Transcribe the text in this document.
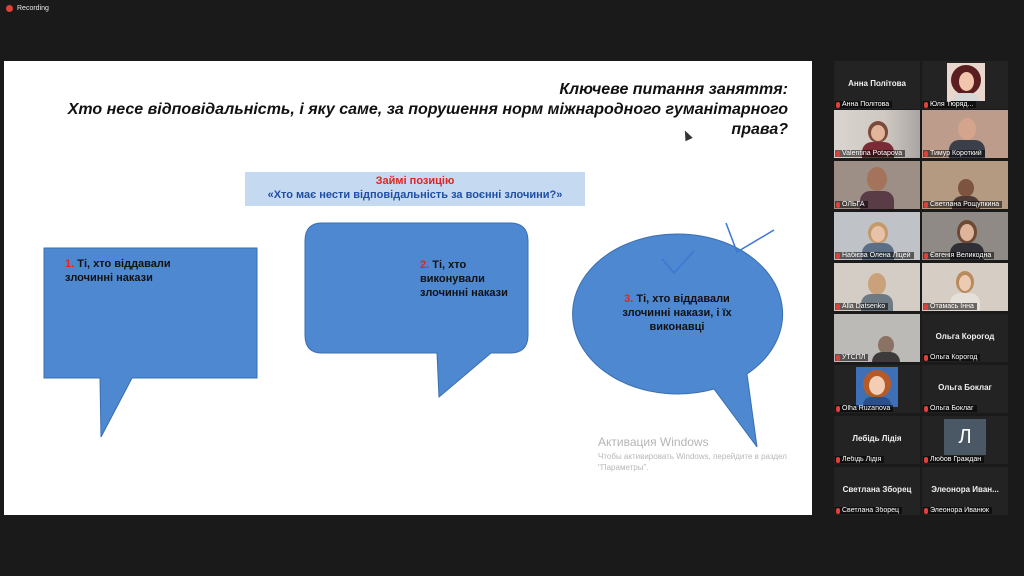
Recording
Ключеве питання заняття:
Хто несе відповідальність, і яку саме, за порушення норм міжнародного гуманітарного права?
Займі позицію
«Хто має нести відповідальність за воєнні злочини?»
1. Ті, хто віддавали злочинні накази
2. Ті, хто виконували злочинні накази	3. Ті, хто віддавали злочинні накази, і їх виконавці
Активация Windows
Чтобы активировать Windows, перейдите в раздел "Параметры".
Анна Політова
Анна Політова	Юля Тюряд...
Valentina Potapova	Тимур Короткий
ОЛЬГА	Светлана Рощупкина
Набієва Олена Ліцей	Євгенія Великодна
Alla Datsenko	Отамась Інна
УТСПЛ
Ольга Корогод
Ольга Корогод
Olha Ruzanova
Ольга Боклаг
Ольга Боклаг
Лебідь Лідія
Лебідь Лідія
Л
Любов Граждан
Светлана Зборец
Светлана Зборец
Элеонора Иван...
Элеонора Иванюк
